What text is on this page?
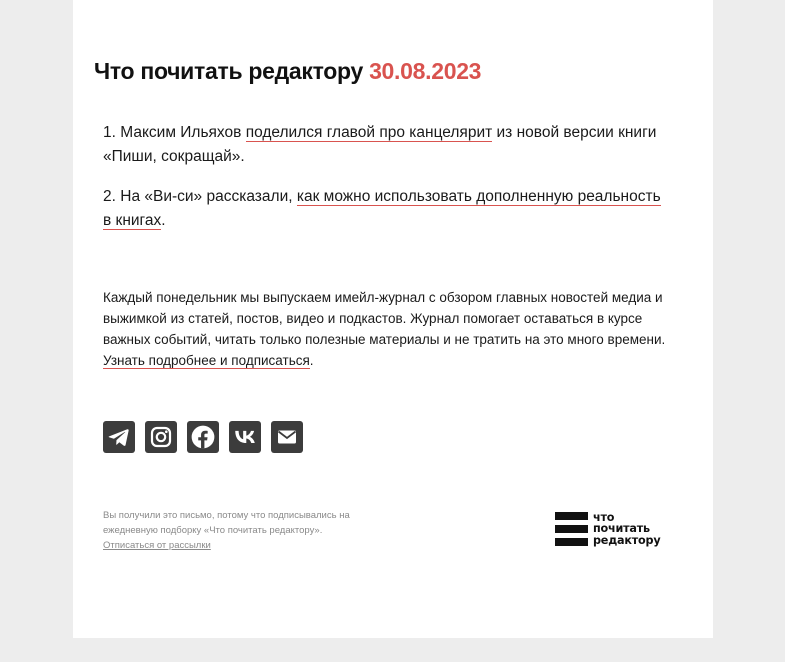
Что почитать редактору 30.08.2023

1. Максим Ильяхов поделился главой про канцелярит из новой версии книги «Пиши, сокращай».

2. На «Ви-си» рассказали, как можно использовать дополненную реальность в книгах.

Каждый понедельник мы выпускаем имейл-журнал с обзором главных новостей медиа и выжимкой из статей, постов, видео и подкастов. Журнал помогает оставаться в курсе важных событий, читать только полезные материалы и не тратить на это много времени. Узнать подробнее и подписаться.

Вы получили это письмо, потому что подписывались на ежедневную подборку «Что почитать редактору».

Отписаться от рассылки

что
почитать
редактору
